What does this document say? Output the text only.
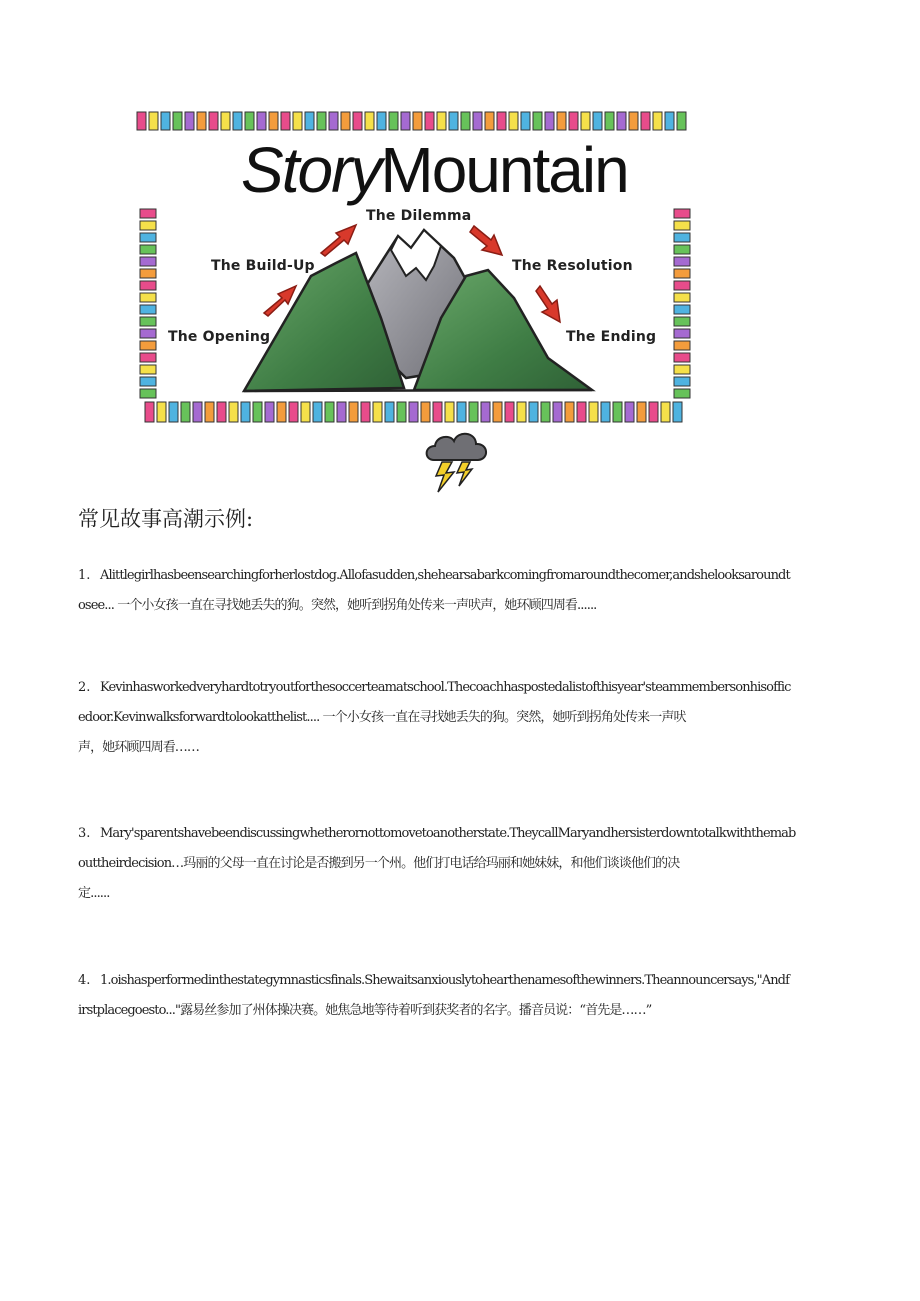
StoryMountain
The Dilemma
The Build-Up	The Resolution
The Opening	The Ending
常见故事高潮示例:
1. Alittlegirlhasbeensearchingforherlostdog.Allofasudden,shehearsabarkcomingfromaroundthecomer,andshelooksaroundt
osee... 一个小女孩一直在寻找她丢失的狗。突然，她听到拐角处传来一声吠声，她环顾四周看......
2. Kevinhasworkedveryhardtotryoutforthesoccerteamatschool.Thecoachhaspostedalistofthisyear'steammembersonhisoffic
edoor.Kevinwalksforwardtolookatthelist.... 一个小女孩一直在寻找她丢失的狗。突然，她听到拐角处传来一声吠
声，她环顾四周看……
3. Mary'sparentshavebeendiscussingwhetherornottomovetoanotherstate.TheycallMaryandhersisterdowntotalkwiththemab
outtheirdecision…玛丽的父母一直在讨论是否搬到另一个州。他们打电话给玛丽和她妹妹，和他们谈谈他们的决
定......
4. 1.oishasperformedinthestategymnasticsfinals.Shewaitsanxiouslytohearthenamesofthewinners.Theannouncersays,"Andf
irstplacegoesto..."露易丝参加了州体操决赛。她焦急地等待着听到获奖者的名字。播音员说：“首先是……”
